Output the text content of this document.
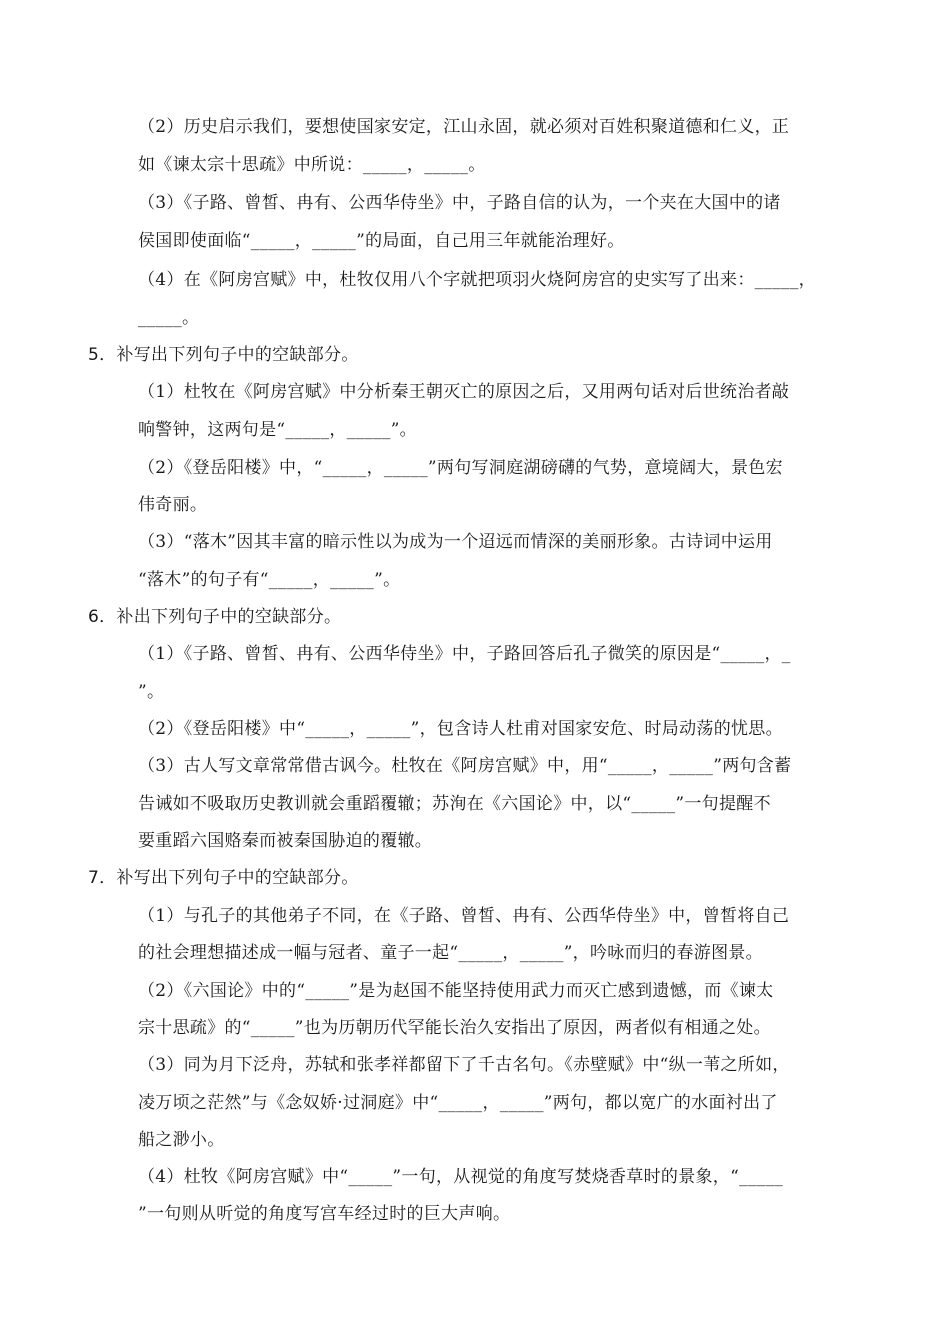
（2）历史启示我们，要想使国家安定，江山永固，就必须对百姓积聚道德和仁义，正
如《谏太宗十思疏》中所说：_____，_____。
（3）《子路、曾皙、冉有、公西华侍坐》中，子路自信的认为，一个夹在大国中的诸
侯国即使面临“_____，_____”的局面，自己用三年就能治理好。
（4）在《阿房宫赋》中，杜牧仅用八个字就把项羽火烧阿房宫的史实写了出来：_____，
_____。
5．补写出下列句子中的空缺部分。
（1）杜牧在《阿房宫赋》中分析秦王朝灭亡的原因之后，又用两句话对后世统治者敲
响警钟，这两句是“_____，_____”。
（2）《登岳阳楼》中，“_____，_____”两句写洞庭湖磅礴的气势，意境阔大，景色宏
伟奇丽。
（3）“落木”因其丰富的暗示性以为成为一个迢远而情深的美丽形象。古诗词中运用
“落木”的句子有“_____，_____”。
6．补出下列句子中的空缺部分。
（1）《子路、曾皙、冉有、公西华侍坐》中，子路回答后孔子微笑的原因是“_____，_
”。
（2）《登岳阳楼》中“_____，_____”，包含诗人杜甫对国家安危、时局动荡的忧思。
（3）古人写文章常常借古讽今。杜牧在《阿房宫赋》中，用“_____，_____”两句含蓄
告诫如不吸取历史教训就会重蹈覆辙；苏洵在《六国论》中，以“_____”一句提醒不
要重蹈六国赂秦而被秦国胁迫的覆辙。
7．补写出下列句子中的空缺部分。
（1）与孔子的其他弟子不同，在《子路、曾皙、冉有、公西华侍坐》中，曾皙将自己
的社会理想描述成一幅与冠者、童子一起“_____，_____”，吟咏而归的春游图景。
（2）《六国论》中的“_____”是为赵国不能坚持使用武力而灭亡感到遗憾，而《谏太
宗十思疏》的“_____”也为历朝历代罕能长治久安指出了原因，两者似有相通之处。
（3）同为月下泛舟，苏轼和张孝祥都留下了千古名句。《赤壁赋》中“纵一苇之所如，
凌万顷之茫然”与《念奴娇·过洞庭》中“_____，_____”两句，都以宽广的水面衬出了
船之渺小。
（4）杜牧《阿房宫赋》中“_____”一句，从视觉的角度写焚烧香草时的景象，“_____
”一句则从听觉的角度写宫车经过时的巨大声响。
